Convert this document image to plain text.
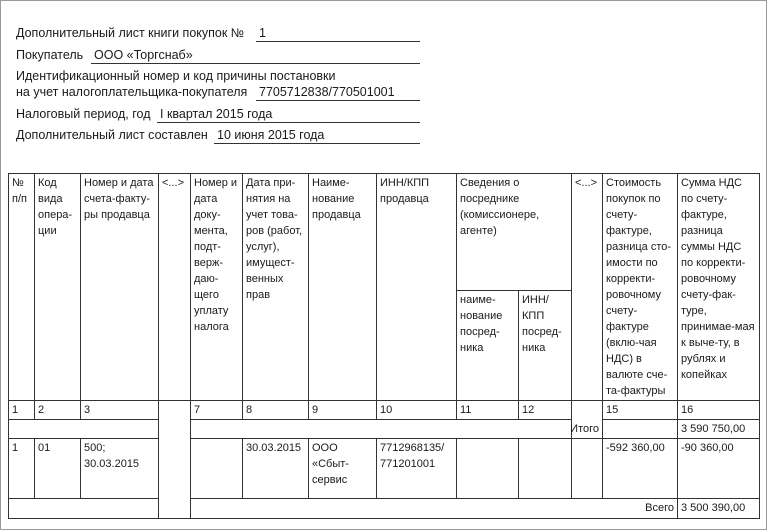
Дополнительный лист книги покупок № 1
Покупатель ООО «Торгснаб»
Идентификационный номер и код причины постановки
на учет налогоплательщика-покупателя 7705712838/770501001
Налоговый период, год I квартал 2015 года
Дополнительный лист составлен 10 июня 2015 года
№ п/п	Код вида опера-ции	Номер и дата счета-факту-ры продавца	<...>	Номер и дата доку-мента, подт-верж-даю-щего уплату налога	Дата при-нятия на учет това-ров (работ, услуг), имущест-венных прав	Наиме-нование продавца	ИНН/КПП продавца	Сведения о посреднике (комиссионере, агенте)	<...>	Стоимость покупок по счету-фактуре, разница сто-имости по корректи-ровочному счету-фактуре (вклю-чая НДС) в валюте сче-та-фактуры	Сумма НДС по счету-фактуре, разница суммы НДС по корректи-ровочному счету-фак-туре, принимае-мая к выче-ту, в рублях и копейках
наиме-нование посред-ника	ИНН/ КПП посред-ника
1	2	3		7	8	9	10	11	12		15	16
	Итого		3 590 750,00
1	01	500; 30.03.2015		30.03.2015	ООО «Сбыт-сервис	7712968135/ 771201001				-592 360,00	-90 360,00
	Всего	3 500 390,00
